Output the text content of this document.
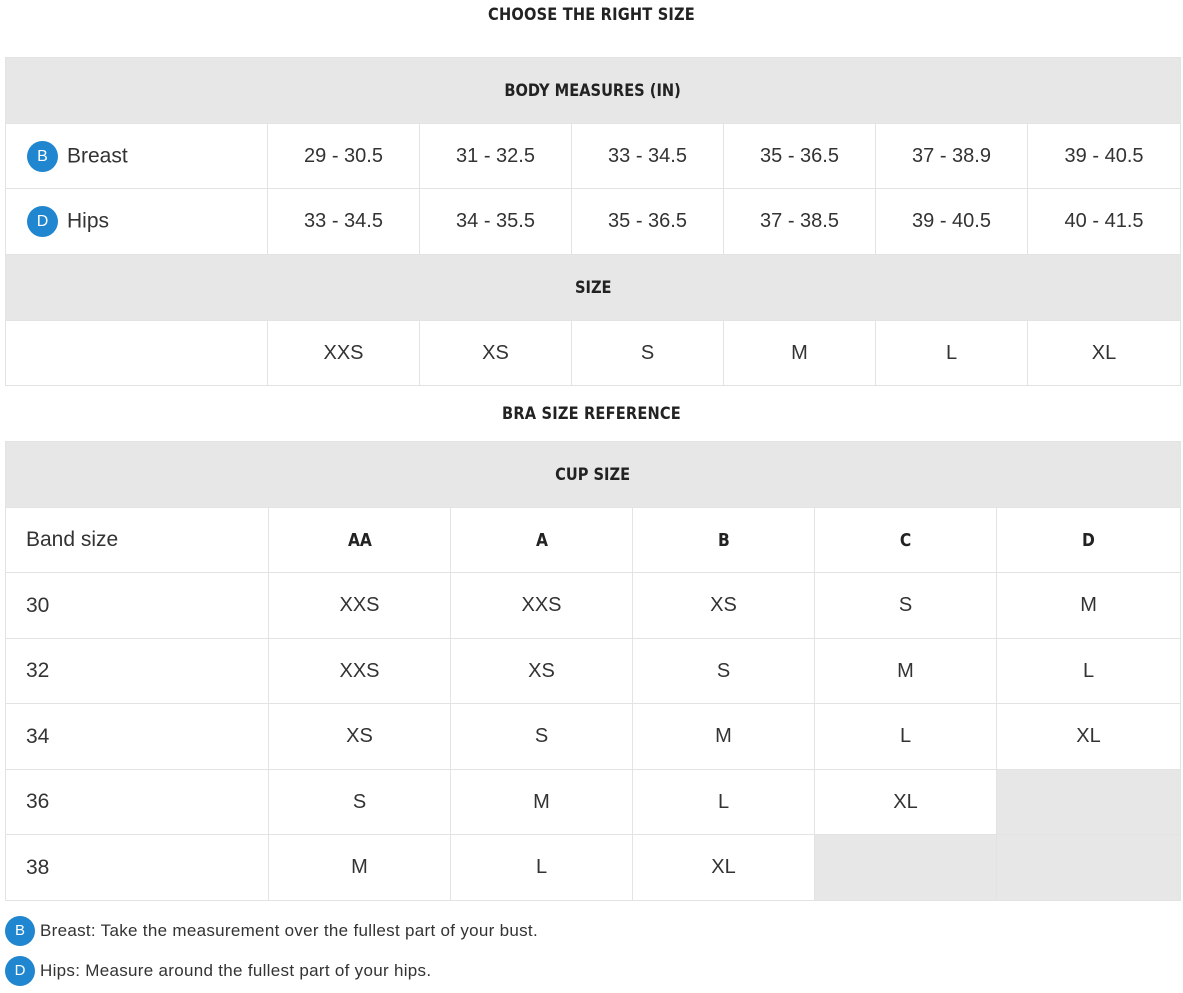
CHOOSE THE RIGHT SIZE
BODY MEASURES (IN)						
B Breast	29 - 30.5	31 - 32.5	33 - 34.5	35 - 36.5	37 - 38.9	39 - 40.5
D Hips	33 - 34.5	34 - 35.5	35 - 36.5	37 - 38.5	39 - 40.5	40 - 41.5
SIZE						
	XXS	XS	S	M	L	XL
BRA SIZE REFERENCE
CUP SIZE					
Band size	AA	A	B	C	D
30	XXS	XXS	XS	S	M
32	XXS	XS	S	M	L
34	XS	S	M	L	XL
36	S	M	L	XL	
38	M	L	XL		
B Breast: Take the measurement over the fullest part of your bust.
D Hips: Measure around the fullest part of your hips.
